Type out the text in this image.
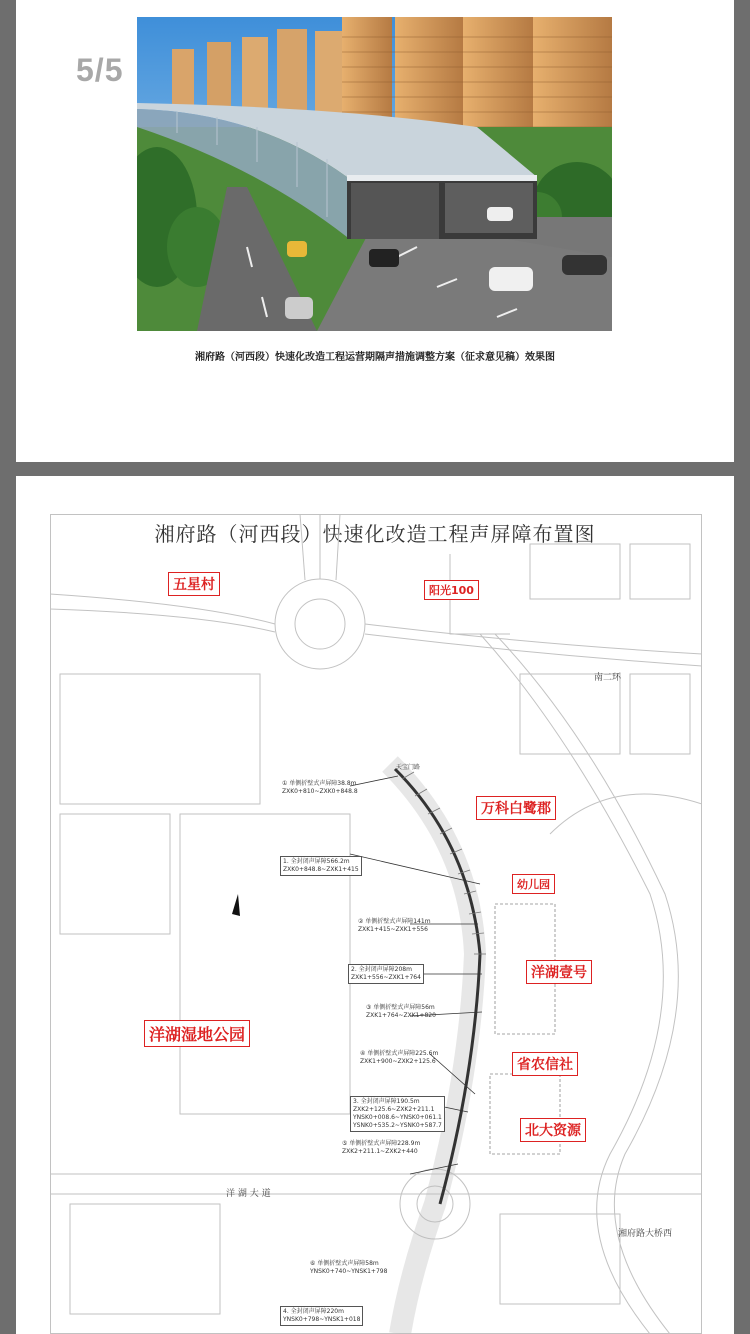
5/5
湘府路（河西段）快速化改造工程运营期隔声措施调整方案（征求意见稿）效果图
湘府路（河西段）快速化改造工程声屏障布置图
五星村	阳光100
万科白鹭郡
幼儿园
洋湖壹号
洋湖湿地公园
省农信社
北大资源
南二环
洋 湖 大 道
湘府路大桥西
天宝门路
① 单侧折壁式声屏障38.8m
ZXK0+810~ZXK0+848.8
1. 全封闭声屏障566.2m
ZXK0+848.8~ZXK1+415
② 单侧折壁式声屏障141m
ZXK1+415~ZXK1+556
2. 全封闭声屏障208m
ZXK1+556~ZXK1+764
③ 单侧折壁式声屏障56m
ZXK1+764~ZXK1+820
④ 单侧折壁式声屏障225.6m
ZXK1+900~ZXK2+125.6
3. 全封闭声屏障190.5m
ZXK2+125.6~ZXK2+211.1
YNSK0+008.6~YNSK0+061.1
YSNK0+535.2~YSNK0+587.7
⑤ 单侧折壁式声屏障228.9m
ZXK2+211.1~ZXK2+440
⑥ 单侧折壁式声屏障58m
YNSK0+740~YNSK1+798
4. 全封闭声屏障220m
YNSK0+798~YNSK1+018
